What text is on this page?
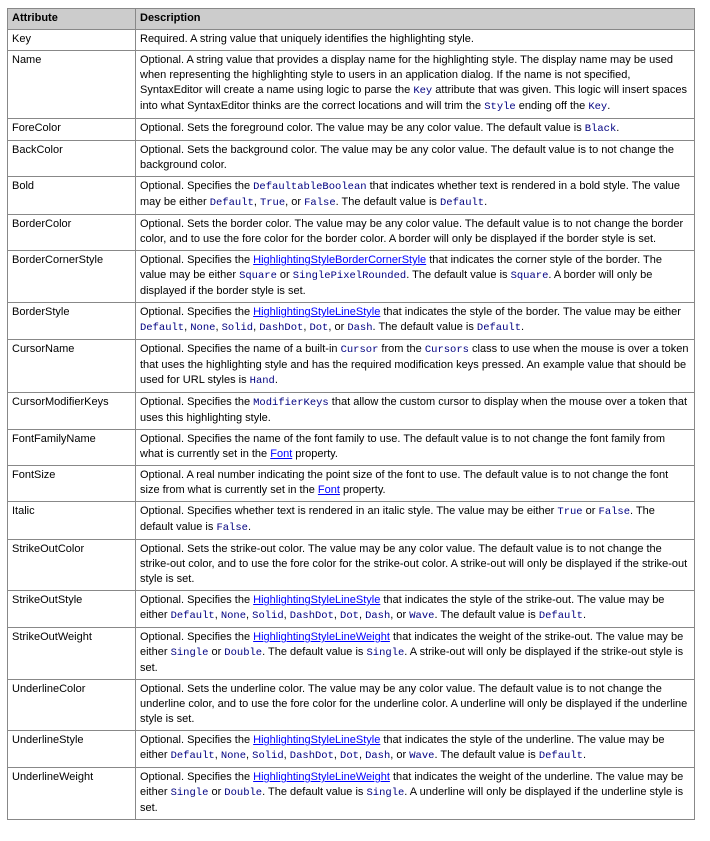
Attribute	Description
Key	Required. A string value that uniquely identifies the highlighting style.
Name	Optional. A string value that provides a display name for the highlighting style. The display name may be used when representing the highlighting style to users in an application dialog. If the name is not specified, SyntaxEditor will create a name using logic to parse the Key attribute that was given. This logic will insert spaces into what SyntaxEditor thinks are the correct locations and will trim the Style ending off the Key.
ForeColor	Optional. Sets the foreground color. The value may be any color value. The default value is Black.
BackColor	Optional. Sets the background color. The value may be any color value. The default value is to not change the background color.
Bold	Optional. Specifies the DefaultableBoolean that indicates whether text is rendered in a bold style. The value may be either Default, True, or False. The default value is Default.
BorderColor	Optional. Sets the border color. The value may be any color value. The default value is to not change the border color, and to use the fore color for the border color. A border will only be displayed if the border style is set.
BorderCornerStyle	Optional. Specifies the HighlightingStyleBorderCornerStyle that indicates the corner style of the border. The value may be either Square or SinglePixelRounded. The default value is Square. A border will only be displayed if the border style is set.
BorderStyle	Optional. Specifies the HighlightingStyleLineStyle that indicates the style of the border. The value may be either Default, None, Solid, DashDot, Dot, or Dash. The default value is Default.
CursorName	Optional. Specifies the name of a built-in Cursor from the Cursors class to use when the mouse is over a token that uses the highlighting style and has the required modification keys pressed. An example value that should be used for URL styles is Hand.
CursorModifierKeys	Optional. Specifies the ModifierKeys that allow the custom cursor to display when the mouse over a token that uses this highlighting style.
FontFamilyName	Optional. Specifies the name of the font family to use. The default value is to not change the font family from what is currently set in the Font property.
FontSize	Optional. A real number indicating the point size of the font to use. The default value is to not change the font size from what is currently set in the Font property.
Italic	Optional. Specifies whether text is rendered in an italic style. The value may be either True or False. The default value is False.
StrikeOutColor	Optional. Sets the strike-out color. The value may be any color value. The default value is to not change the strike-out color, and to use the fore color for the strike-out color. A strike-out will only be displayed if the strike-out style is set.
StrikeOutStyle	Optional. Specifies the HighlightingStyleLineStyle that indicates the style of the strike-out. The value may be either Default, None, Solid, DashDot, Dot, Dash, or Wave. The default value is Default.
StrikeOutWeight	Optional. Specifies the HighlightingStyleLineWeight that indicates the weight of the strike-out. The value may be either Single or Double. The default value is Single. A strike-out will only be displayed if the strike-out style is set.
UnderlineColor	Optional. Sets the underline color. The value may be any color value. The default value is to not change the underline color, and to use the fore color for the underline color. A underline will only be displayed if the underline style is set.
UnderlineStyle	Optional. Specifies the HighlightingStyleLineStyle that indicates the style of the underline. The value may be either Default, None, Solid, DashDot, Dot, Dash, or Wave. The default value is Default.
UnderlineWeight	Optional. Specifies the HighlightingStyleLineWeight that indicates the weight of the underline. The value may be either Single or Double. The default value is Single. A underline will only be displayed if the underline style is set.
